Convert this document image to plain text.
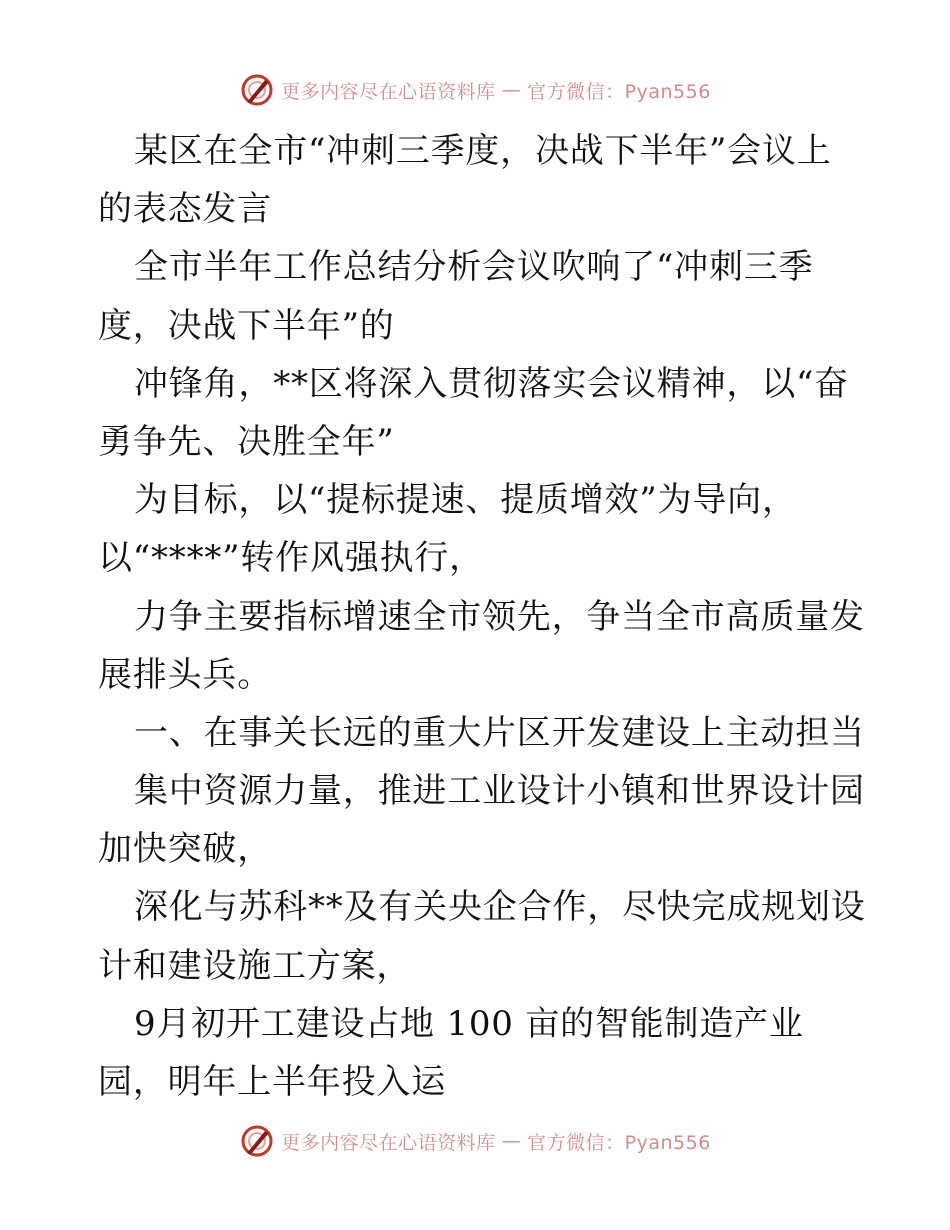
更多内容尽在心语资料库 — 官方微信：Pyan556
某区在全市“冲刺三季度，决战下半年”会议上
的表态发言
全市半年工作总结分析会议吹响了“冲刺三季
度，决战下半年”的
冲锋角，**区将深入贯彻落实会议精神，以“奋
勇争先、决胜全年”
为目标，以“提标提速、提质增效”为导向，
以“****”转作风强执行，
力争主要指标增速全市领先，争当全市高质量发
展排头兵。
一、在事关长远的重大片区开发建设上主动担当
集中资源力量，推进工业设计小镇和世界设计园
加快突破，
深化与苏科**及有关央企合作，尽快完成规划设
计和建设施工方案，
9月初开工建设占地 100 亩的智能制造产业
园，明年上半年投入运
更多内容尽在心语资料库 — 官方微信：Pyan556
